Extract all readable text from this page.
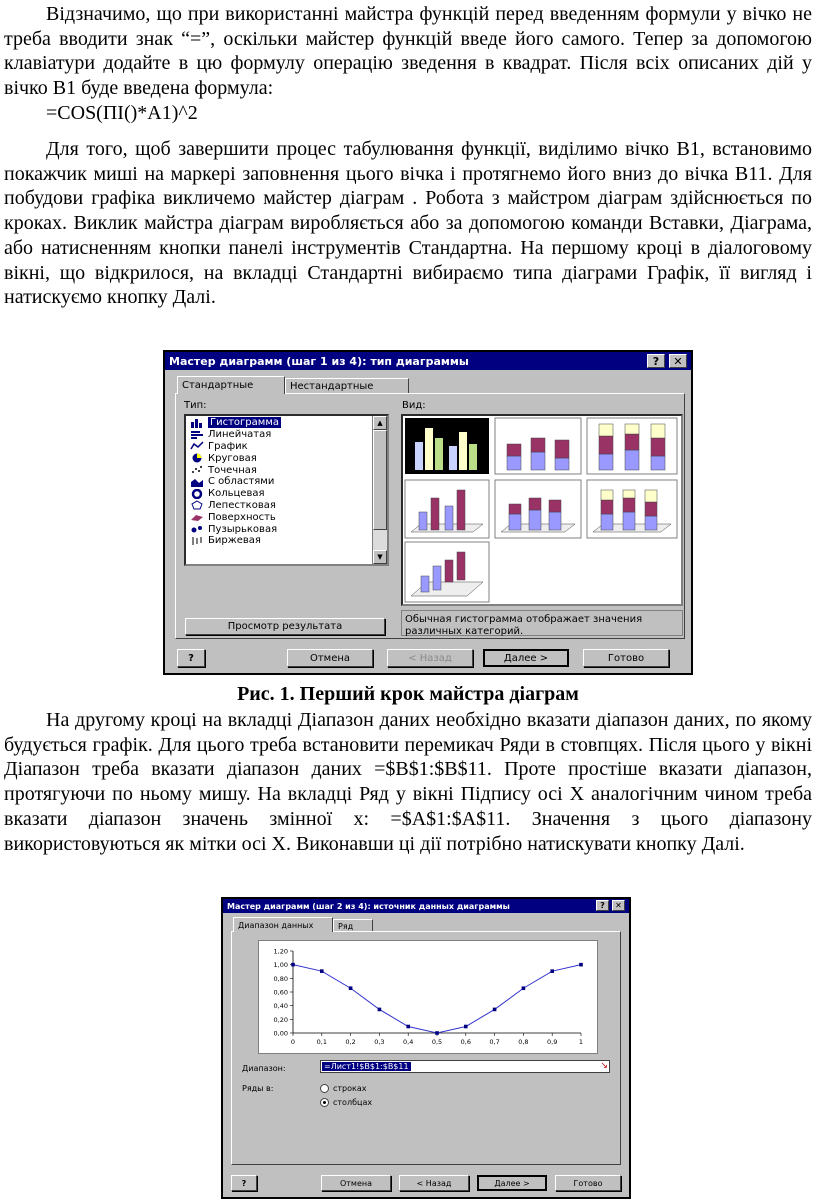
Відзначимо, що при використанні майстра функцій перед введенням формули у вічко не треба вводити знак “=”, оскільки майстер функцій введе його самого. Тепер за допомогою клавіатури додайте в цю формулу операцію зведення в квадрат. Після всіх описаних дій у вічко B1 буде введена формула:

=COS(ПІ()*A1)^2

Для того, щоб завершити процес табулювання функції, виділимо вічко B1, встановимо покажчик миші на маркері заповнення цього вічка і протягнемо його вниз до вічка B11. Для побудови графіка викличемо майстер діаграм . Робота з майстром діаграм здійснюється по кроках. Виклик майстра діаграм виробляється або за допомогою команди Вставки, Діаграма, або натисненням кнопки панелі інструментів Стандартна. На першому кроці в діалоговому вікні, що відкрилося, на вкладці Стандартні вибираємо типа діаграми Графік, її вигляд і натискуємо кнопку Далі.

Мастер диаграмм (шаг 1 из 4): тип диаграммы	?	✕
Стандартные	Нестандартные
Тип:	Вид:
Гистограмма
Линейчатая
График
Круговая
Точечная
С областями
Кольцевая
Лепестковая
Поверхность
Пузырьковая
Биржевая
▲
▼
Обычная гистограмма отображает значения различных категорий.
Просмотр результата
?	Отмена	< Назад	Далее >	Готово

Рис. 1. Перший крок майстра діаграм

На другому кроці на вкладці Діапазон даних необхідно вказати діапазон даних, по якому будується графік. Для цього треба встановити перемикач Ряди в стовпцях. Після цього у вікні Діапазон треба вказати діапазон даних =$B$1:$B$11. Проте простіше вказати діапазон, протягуючи по ньому мишу. На вкладці Ряд у вікні Підпису осі X аналогічним чином треба вказати діапазон значень змінної x: =$A$1:$A$11. Значення з цього діапазону використовуються як мітки осі X. Виконавши ці дії потрібно натискувати кнопку Далі.

Мастер диаграмм (шаг 2 из 4): источник данных диаграммы	?	✕
Диапазон данных	Ряд
0,00
0,20
0,40
0,60
0,80
1,00
1,20
0	0,1	0,2	0,3	0,4	0,5	0,6	0,7	0,8	0,9	1
Диапазон:	=Лист1!$B$1:$B$11	↘
Ряды в:	строках
столбцах
?	Отмена	< Назад	Далее >	Готово
